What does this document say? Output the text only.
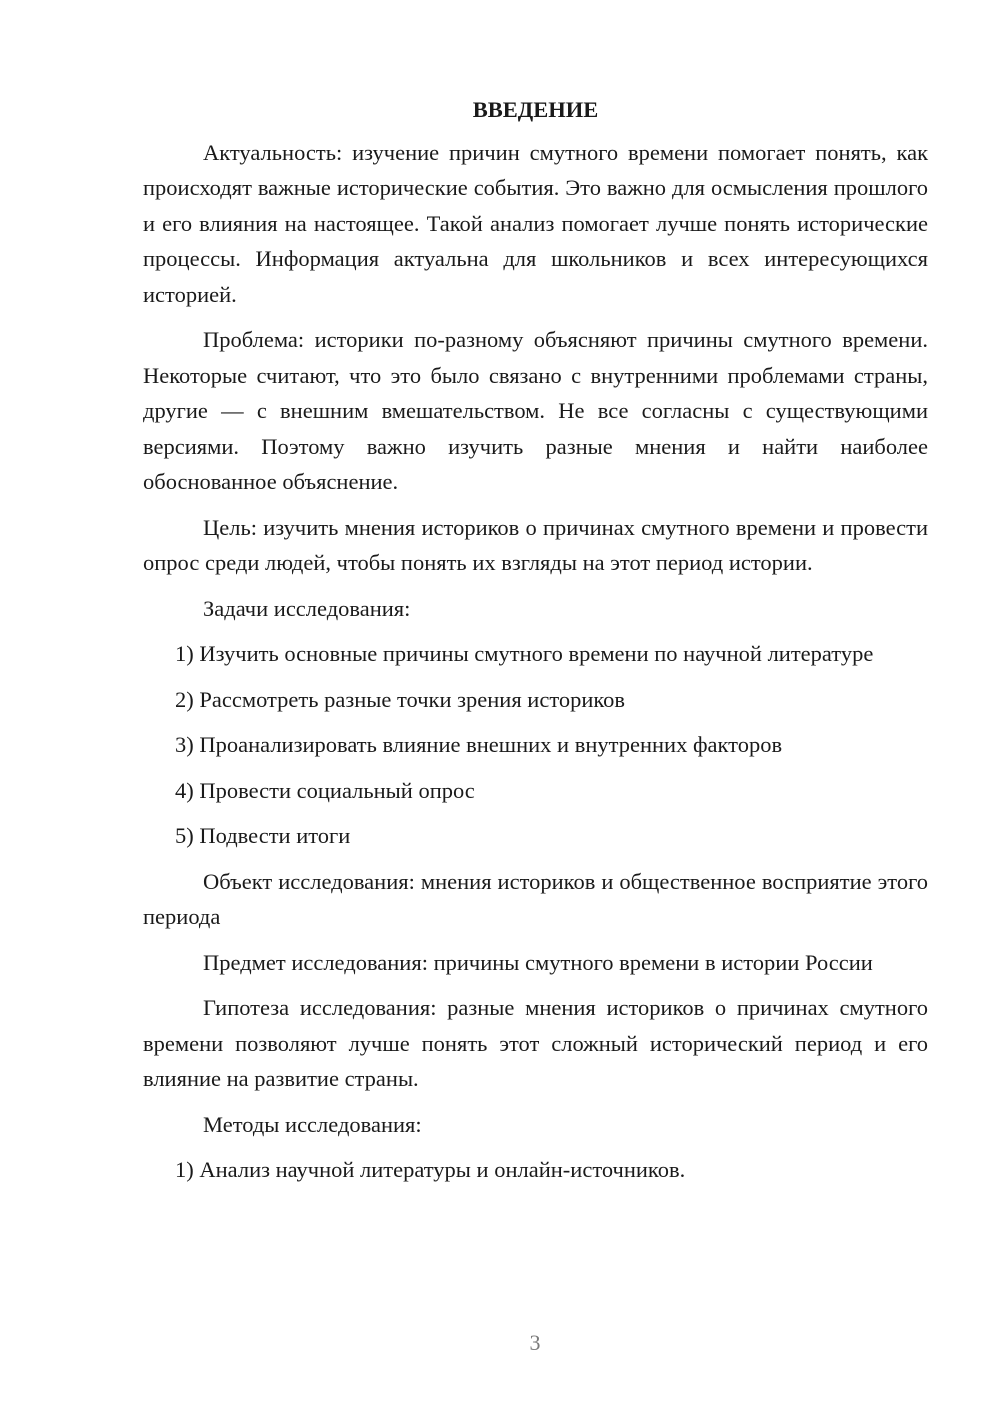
ВВЕДЕНИЕ

Актуальность: изучение причин смутного времени помогает понять, как происходят важные исторические события. Это важно для осмысления прошлого и его влияния на настоящее. Такой анализ помогает лучше понять исторические процессы. Информация актуальна для школьников и всех интересующихся историей.

Проблема: историки по-разному объясняют причины смутного времени. Некоторые считают, что это было связано с внутренними проблемами страны, другие — с внешним вмешательством. Не все согласны с существующими версиями. Поэтому важно изучить разные мнения и найти наиболее обоснованное объяснение.

Цель: изучить мнения историков о причинах смутного времени и провести опрос среди людей, чтобы понять их взгляды на этот период истории.

Задачи исследования:

1) Изучить основные причины смутного времени по научной литературе

2) Рассмотреть разные точки зрения историков

3) Проанализировать влияние внешних и внутренних факторов

4) Провести социальный опрос

5) Подвести итоги

Объект исследования: мнения историков и общественное восприятие этого периода

Предмет исследования: причины смутного времени в истории России

Гипотеза исследования: разные мнения историков о причинах смутного времени позволяют лучше понять этот сложный исторический период и его влияние на развитие страны.

Методы исследования:

1) Анализ научной литературы и онлайн-источников.

3
